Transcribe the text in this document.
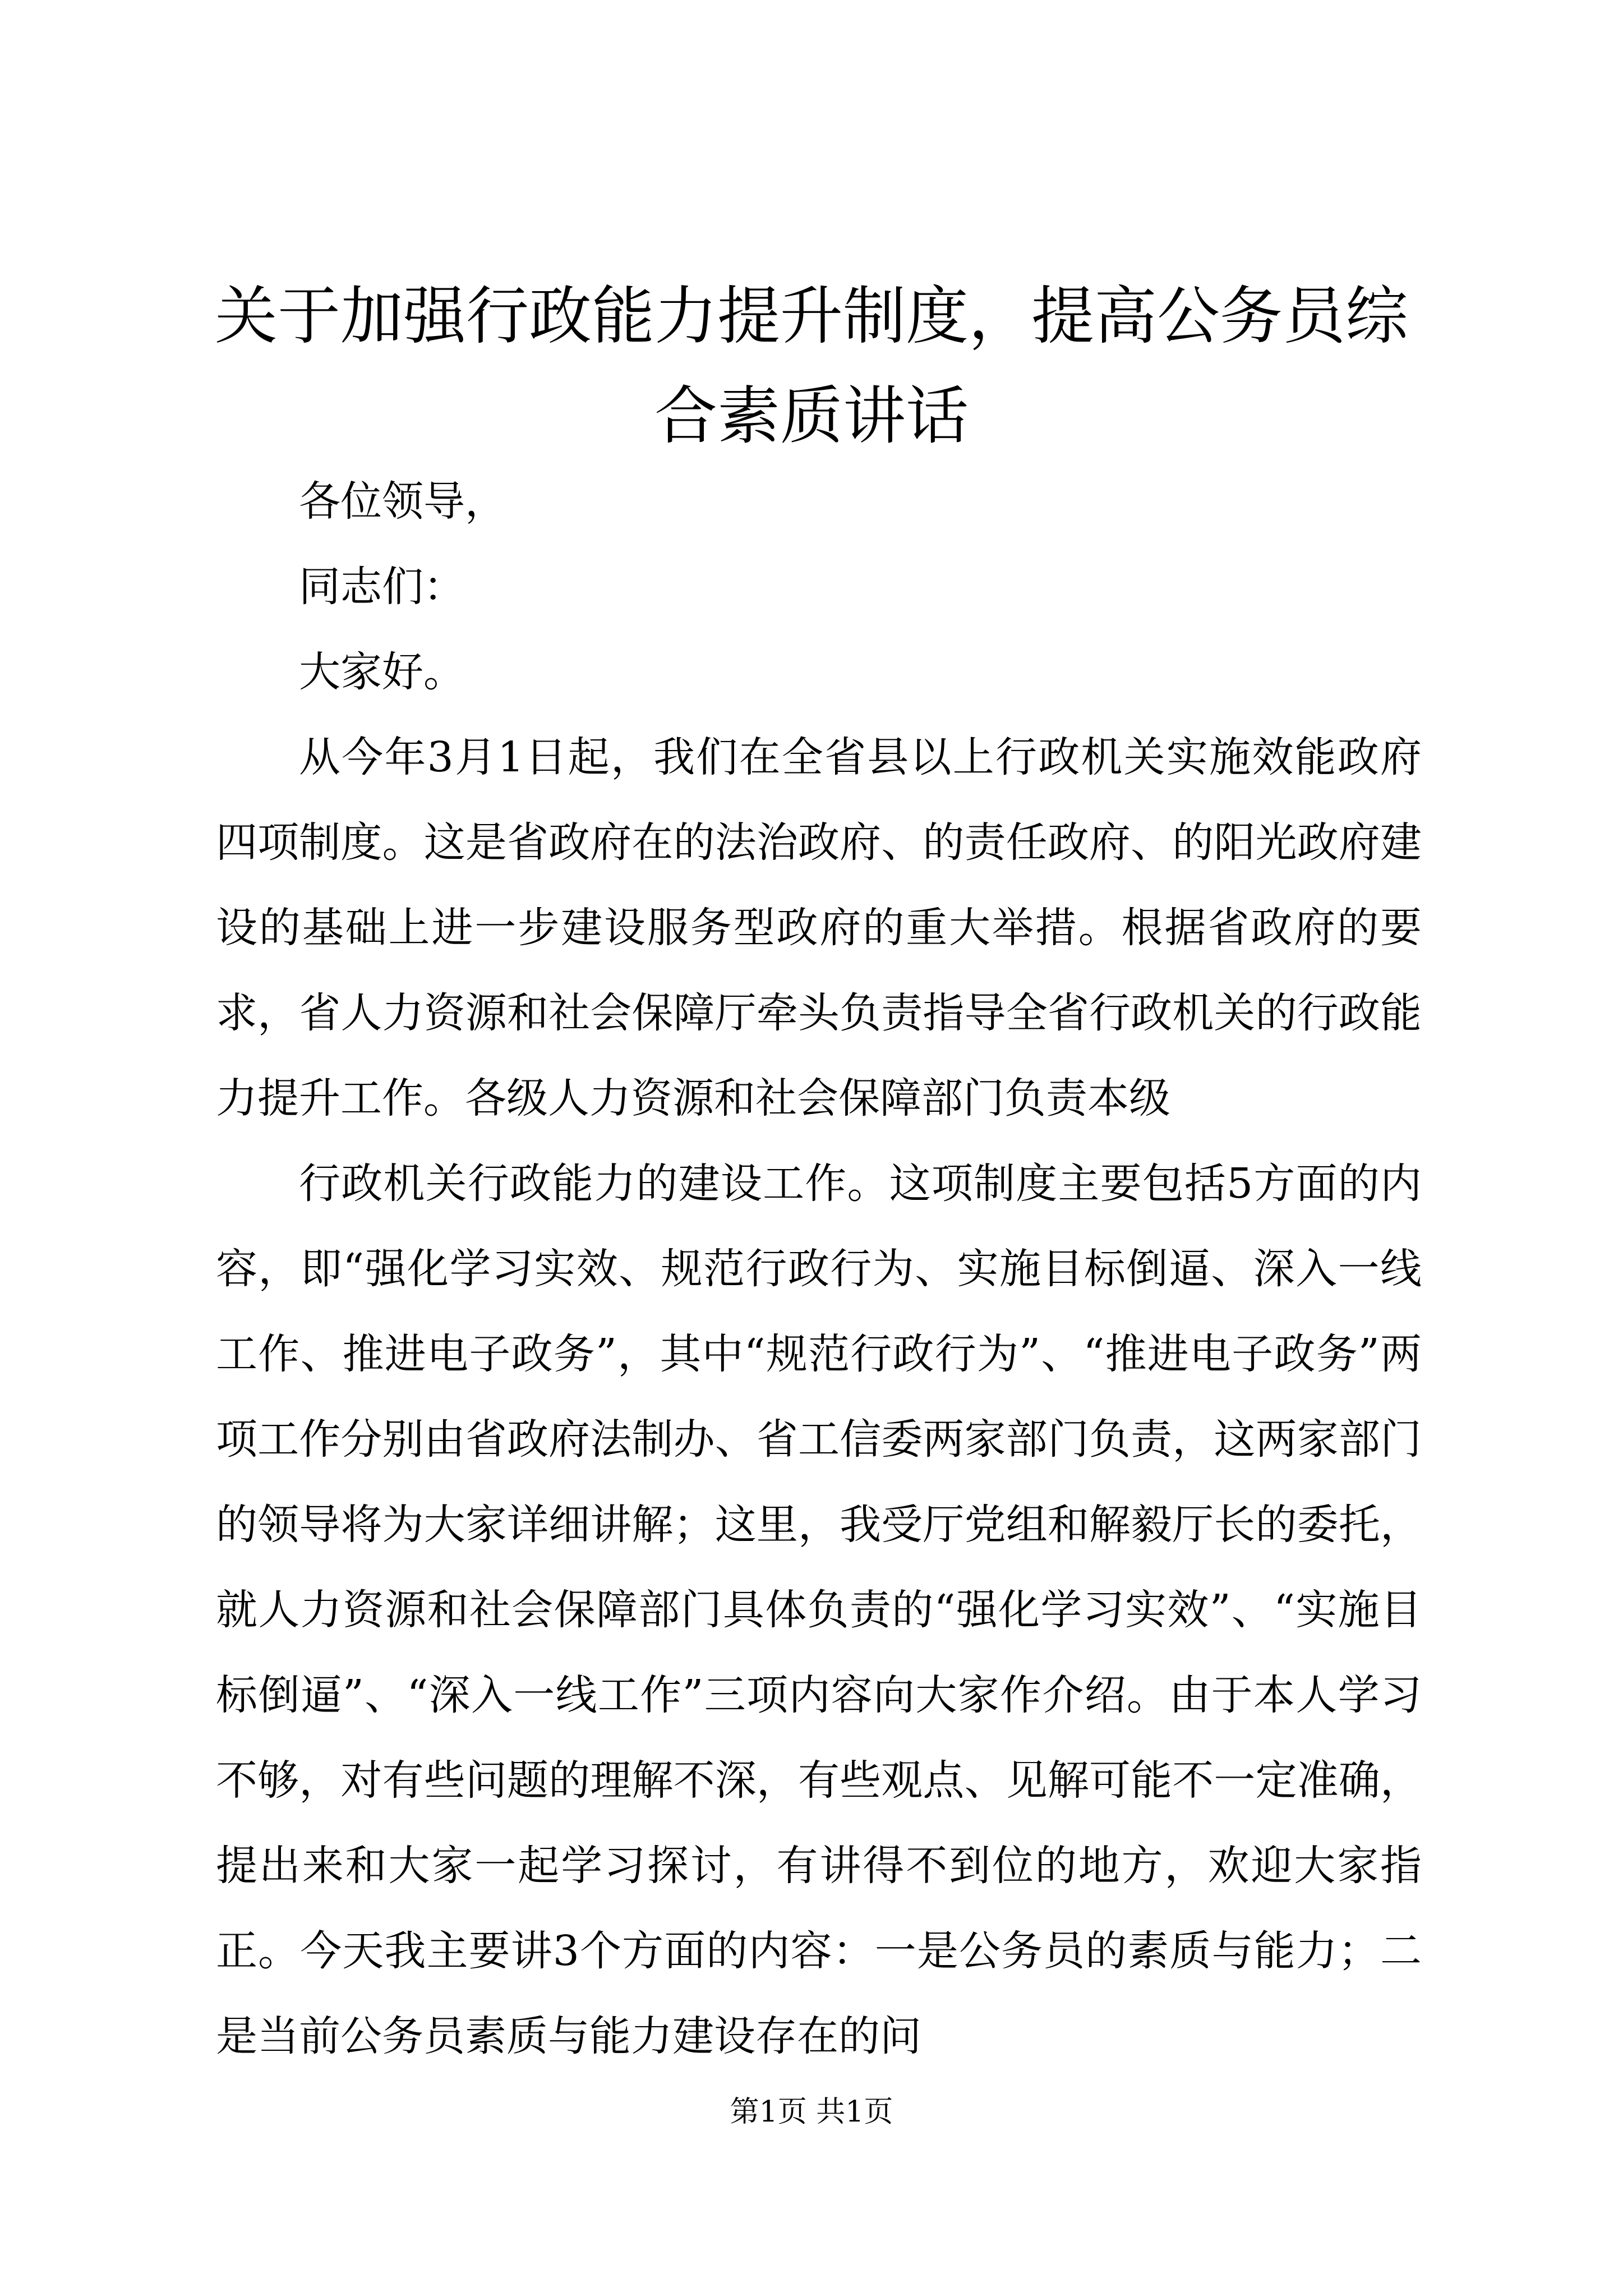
关于加强行政能力提升制度，提高公务员综合素质讲话

各位领导，

同志们：

大家好。

从今年3月1日起，我们在全省县以上行政机关实施效能政府四项制度。这是省政府在的法治政府、的责任政府、的阳光政府建设的基础上进一步建设服务型政府的重大举措。根据省政府的要求，省人力资源和社会保障厅牵头负责指导全省行政机关的行政能力提升工作。各级人力资源和社会保障部门负责本级

行政机关行政能力的建设工作。这项制度主要包括5方面的内容，即“强化学习实效、规范行政行为、实施目标倒逼、深入一线工作、推进电子政务”，其中“规范行政行为”、“推进电子政务”两项工作分别由省政府法制办、省工信委两家部门负责，这两家部门的领导将为大家详细讲解；这里，我受厅党组和解毅厅长的委托，就人力资源和社会保障部门具体负责的“强化学习实效”、“实施目标倒逼”、“深入一线工作”三项内容向大家作介绍。由于本人学习不够，对有些问题的理解不深，有些观点、见解可能不一定准确，提出来和大家一起学习探讨，有讲得不到位的地方，欢迎大家指正。今天我主要讲3个方面的内容：一是公务员的素质与能力；二是当前公务员素质与能力建设存在的问

第1页 共1页
